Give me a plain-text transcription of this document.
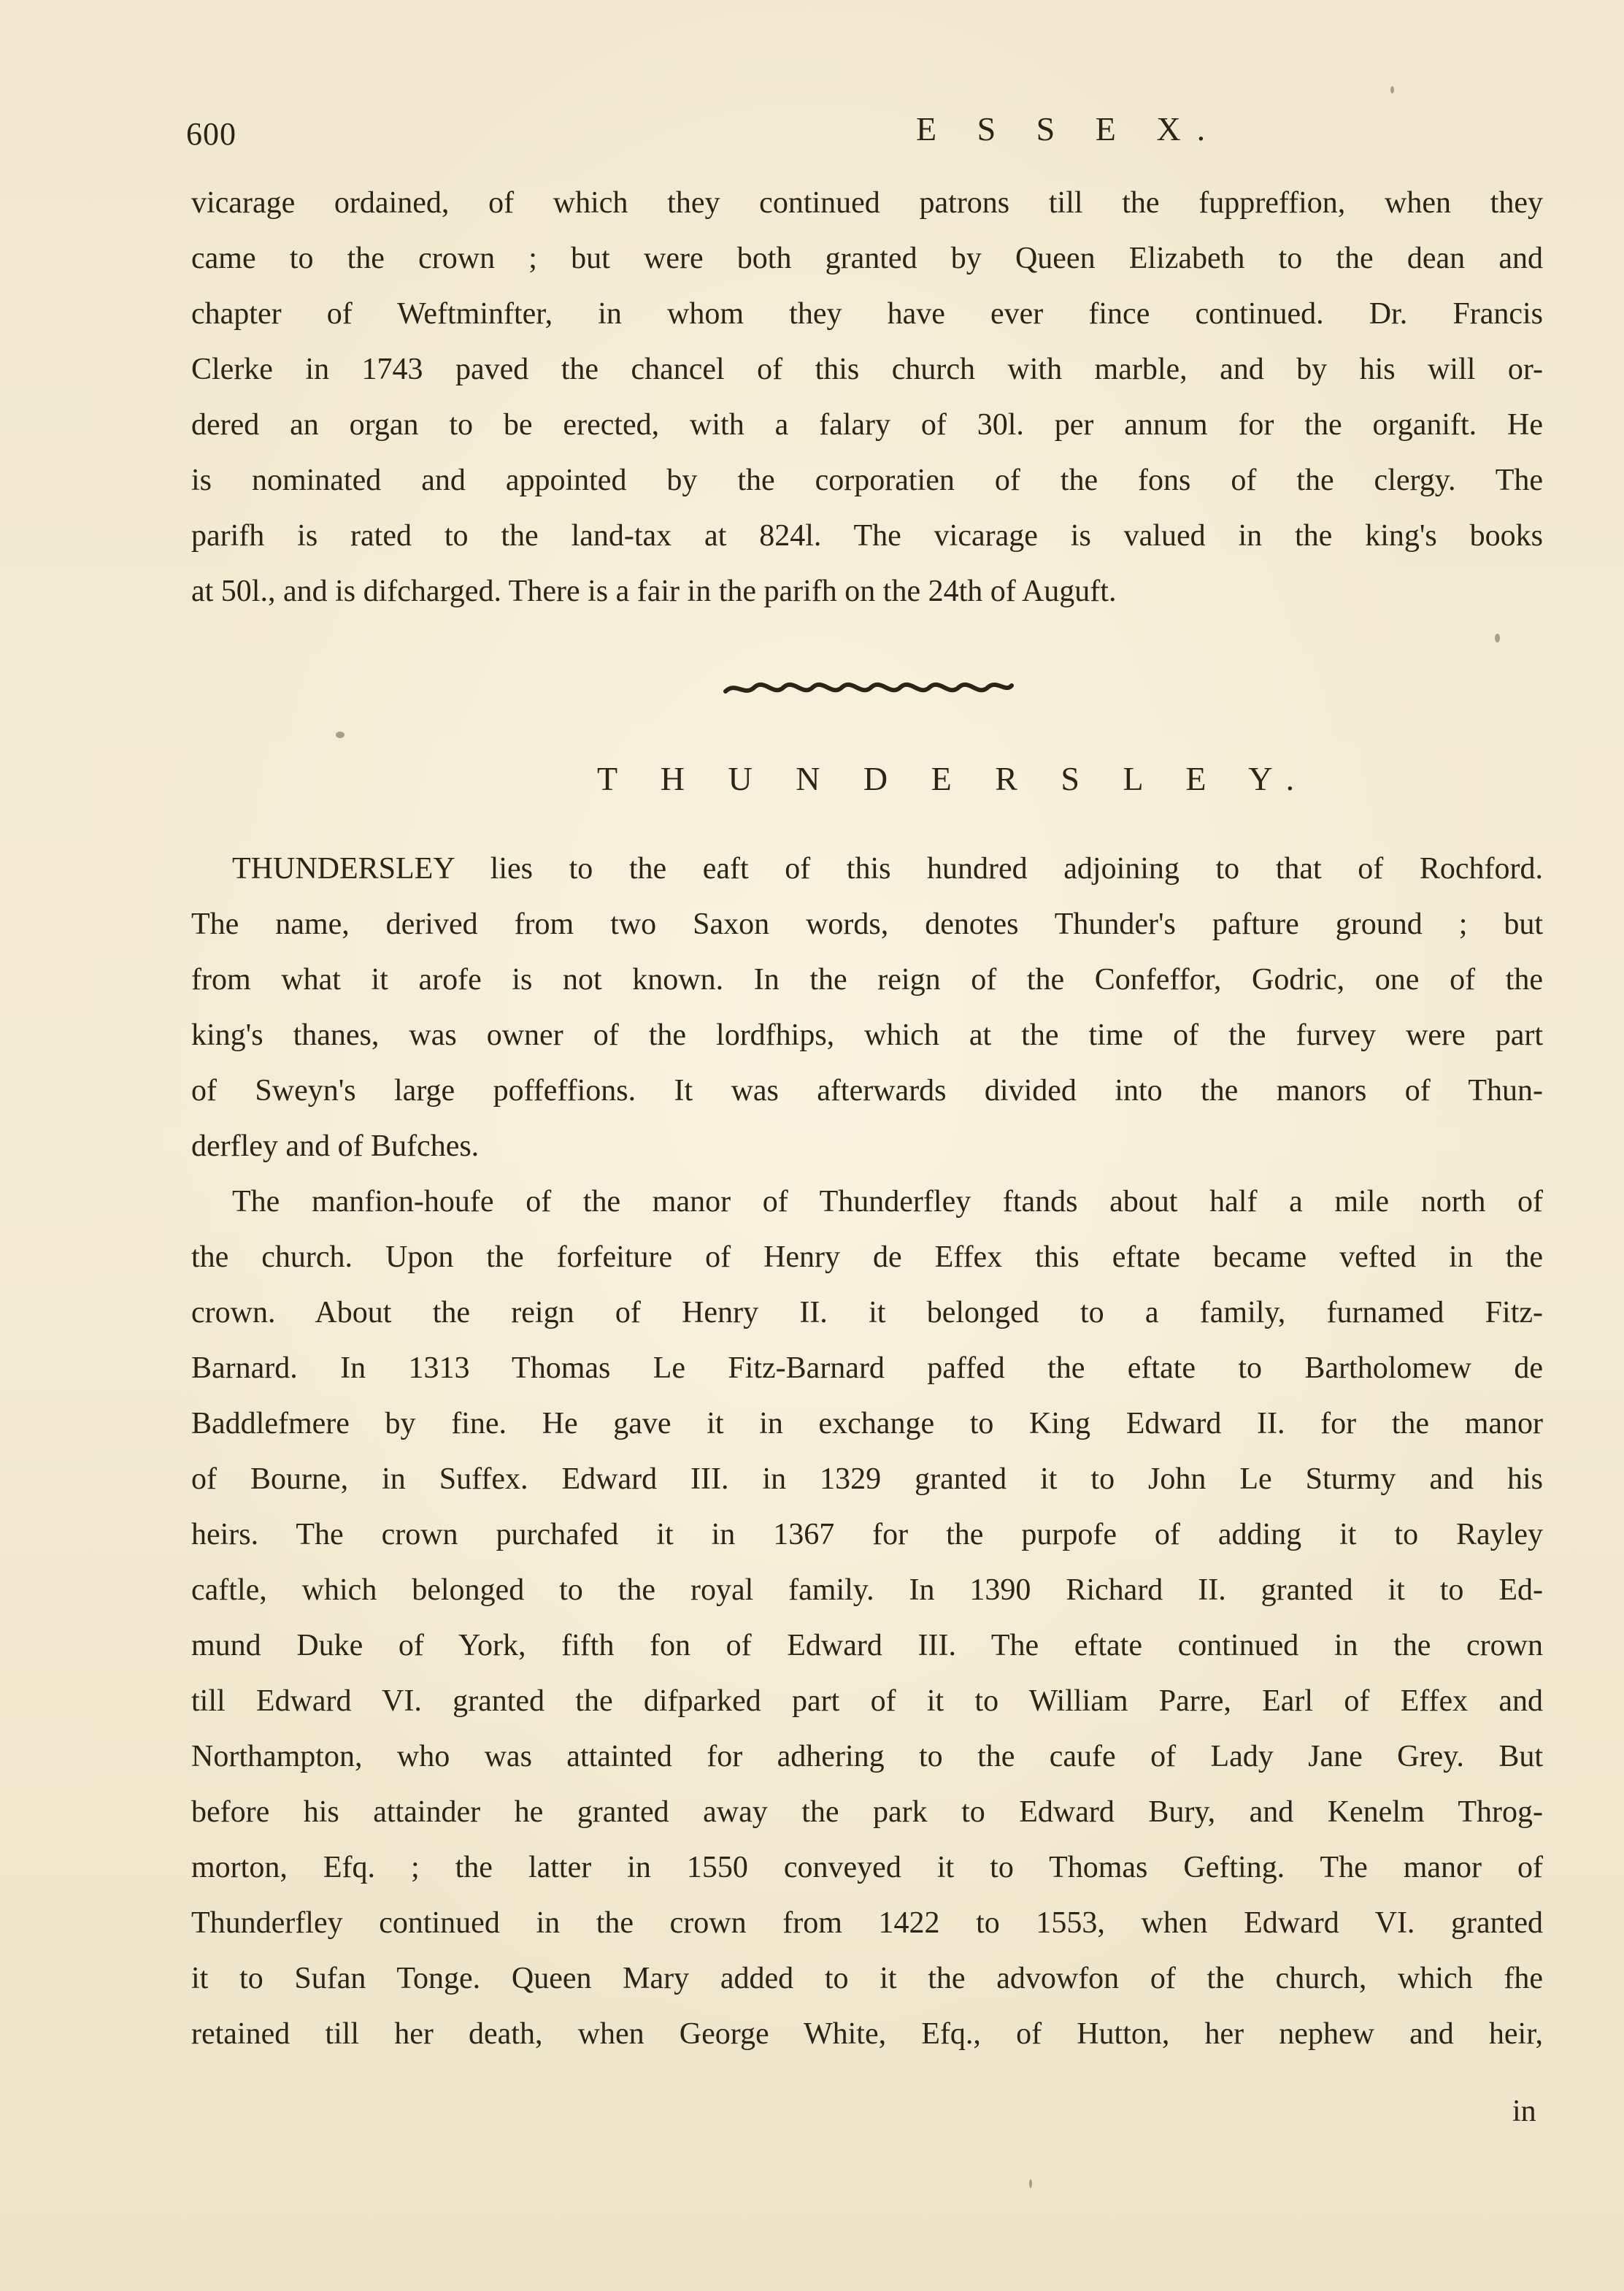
600	E S S E X.
vicarage ordained, of which they continued patrons till the fuppreffion, when they
came to the crown ; but were both granted by Queen Elizabeth to the dean and
chapter of Weftminfter, in whom they have ever fince continued. Dr. Francis
Clerke in 1743 paved the chancel of this church with marble, and by his will or-
dered an organ to be erected, with a falary of 30l. per annum for the organift. He
is nominated and appointed by the corporatien of the fons of the clergy. The
parifh is rated to the land-tax at 824l. The vicarage is valued in the king's books
at 50l., and is difcharged. There is a fair in the parifh on the 24th of Auguft.
T H U N D E R S L E Y.
THUNDERSLEY lies to the eaft of this hundred adjoining to that of Rochford.
The name, derived from two Saxon words, denotes Thunder's pafture ground ; but
from what it arofe is not known. In the reign of the Confeffor, Godric, one of the
king's thanes, was owner of the lordfhips, which at the time of the furvey were part
of Sweyn's large poffeffions. It was afterwards divided into the manors of Thun-
derfley and of Bufches.
The manfion-houfe of the manor of Thunderfley ftands about half a mile north of
the church. Upon the forfeiture of Henry de Effex this eftate became vefted in the
crown. About the reign of Henry II. it belonged to a family, furnamed Fitz-
Barnard. In 1313 Thomas Le Fitz-Barnard paffed the eftate to Bartholomew de
Baddlefmere by fine. He gave it in exchange to King Edward II. for the manor
of Bourne, in Suffex. Edward III. in 1329 granted it to John Le Sturmy and his
heirs. The crown purchafed it in 1367 for the purpofe of adding it to Rayley
caftle, which belonged to the royal family. In 1390 Richard II. granted it to Ed-
mund Duke of York, fifth fon of Edward III. The eftate continued in the crown
till Edward VI. granted the difparked part of it to William Parre, Earl of Effex and
Northampton, who was attainted for adhering to the caufe of Lady Jane Grey. But
before his attainder he granted away the park to Edward Bury, and Kenelm Throg-
morton, Efq. ; the latter in 1550 conveyed it to Thomas Gefting. The manor of
Thunderfley continued in the crown from 1422 to 1553, when Edward VI. granted
it to Sufan Tonge. Queen Mary added to it the advowfon of the church, which fhe
retained till her death, when George White, Efq., of Hutton, her nephew and heir,
in
